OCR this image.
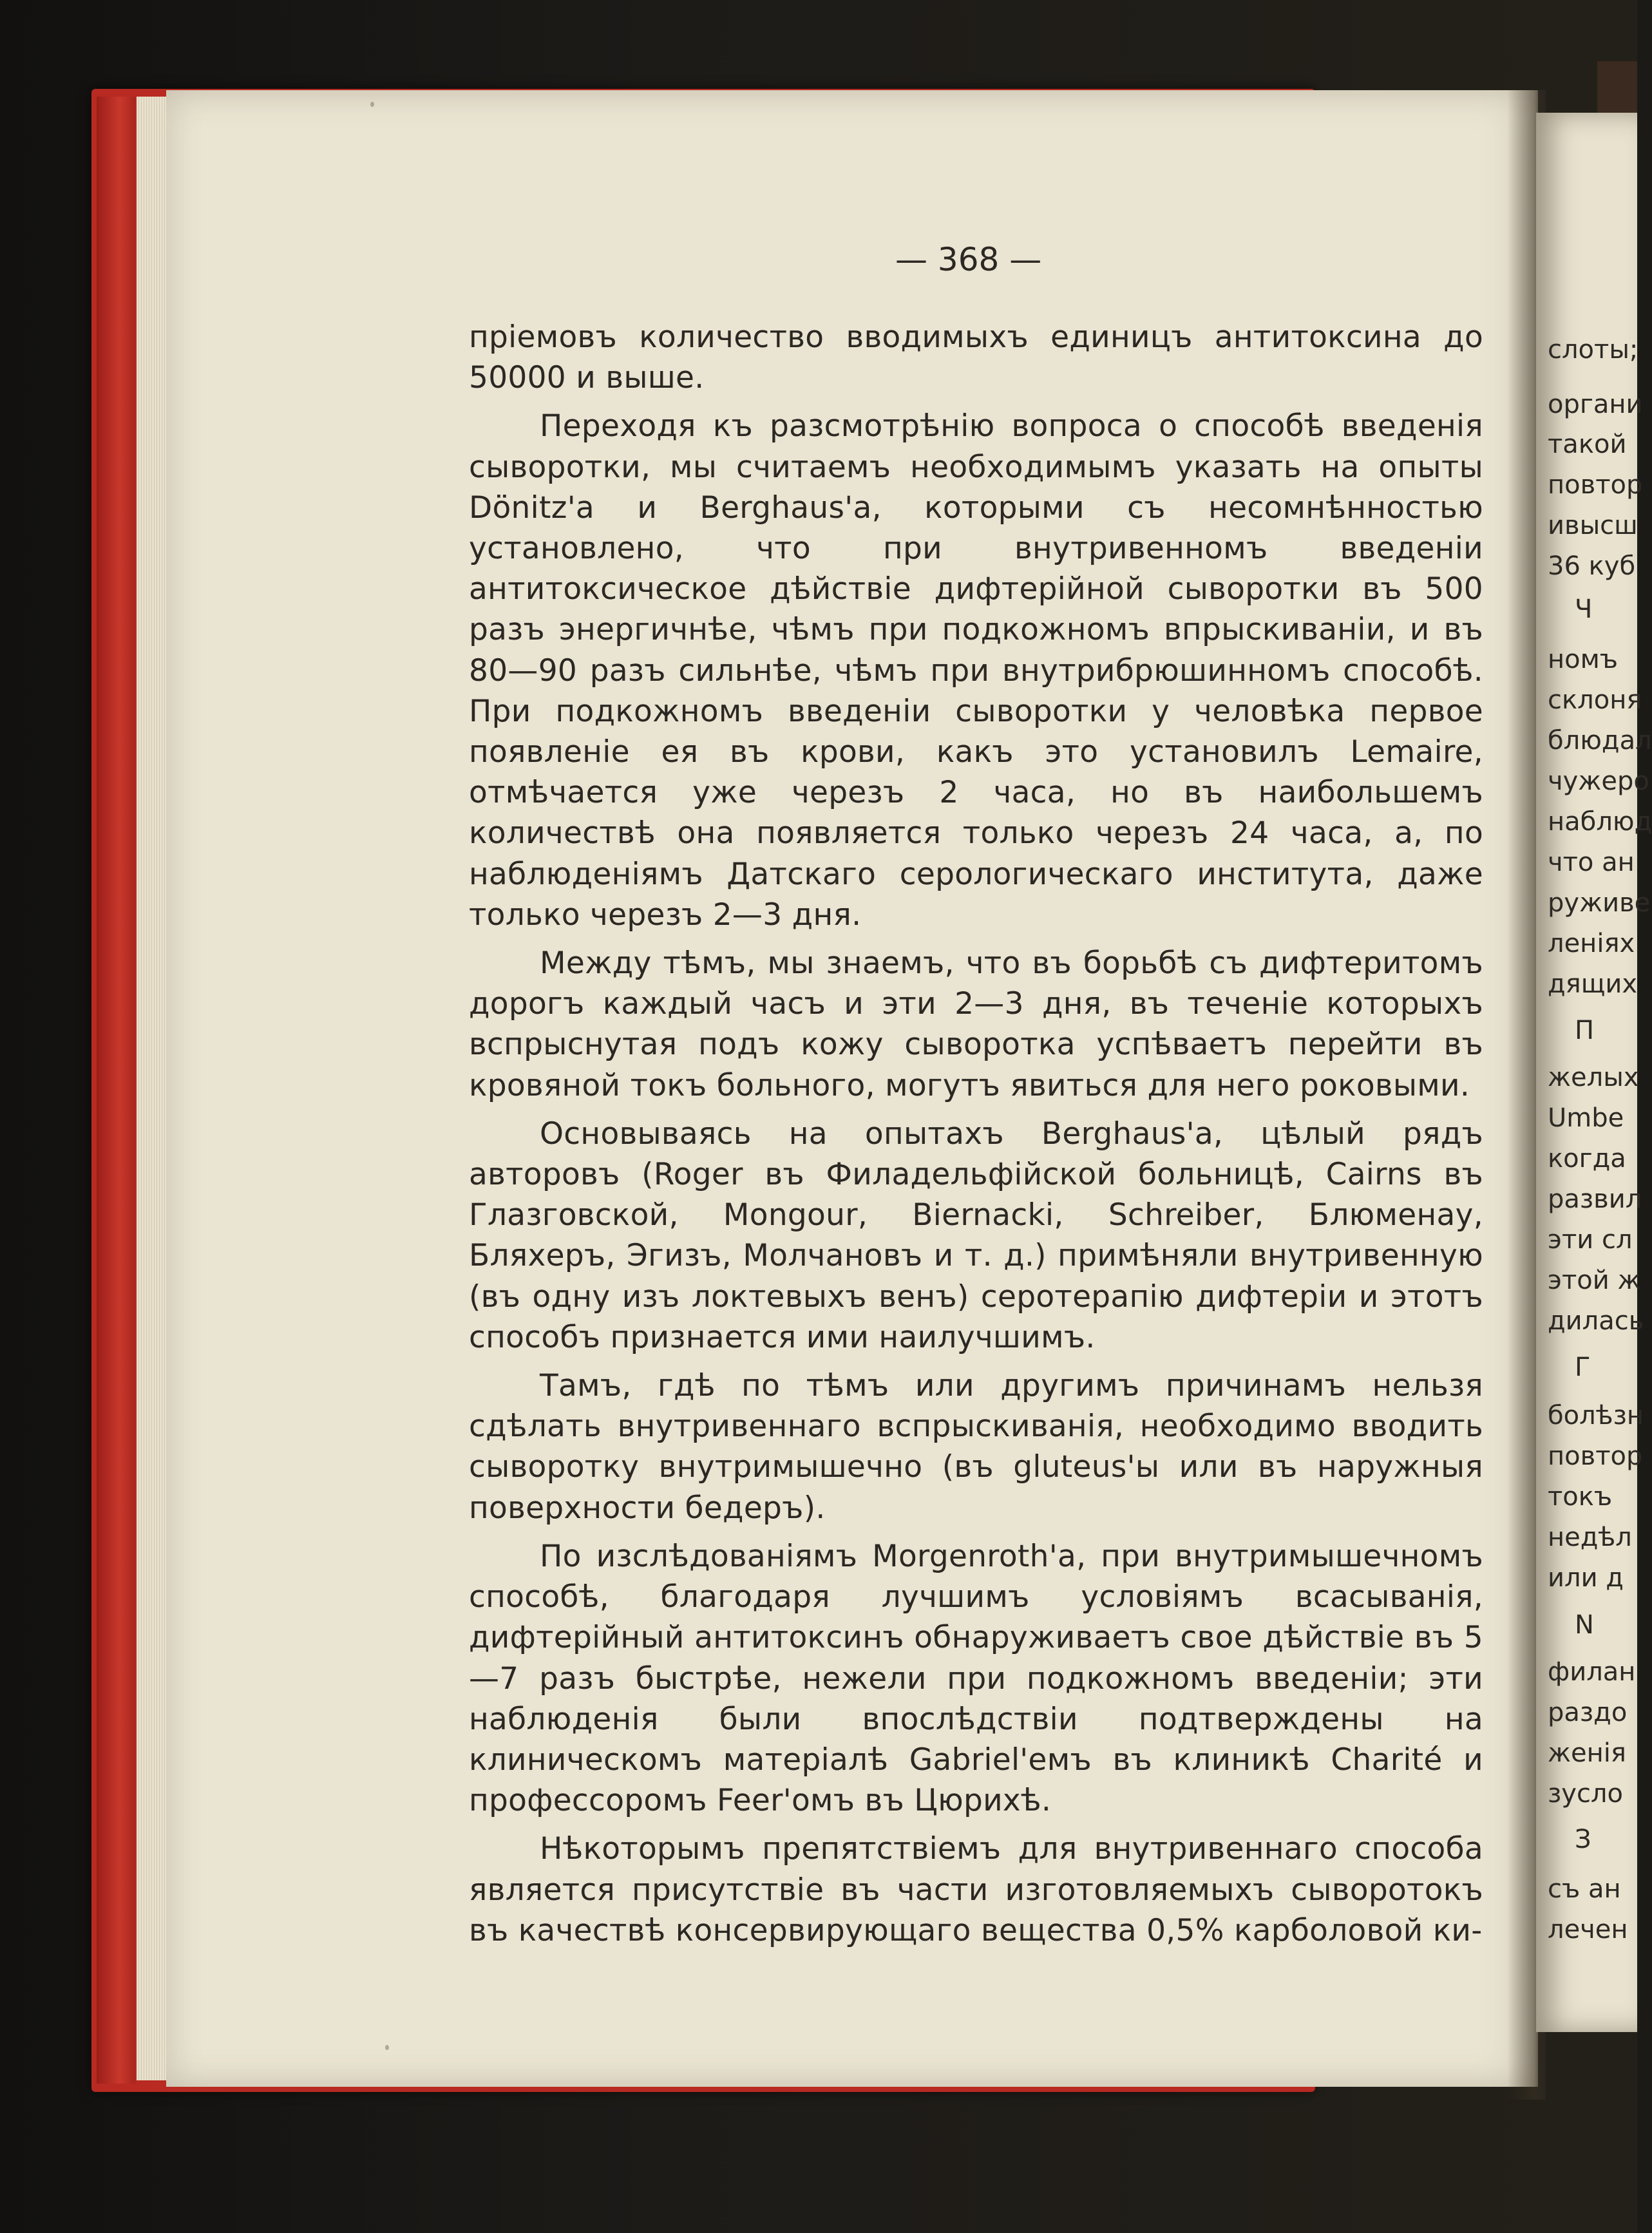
— 368 —

пріемовъ количество вводимыхъ единицъ антитоксина до 50000 и выше.

Переходя къ разсмотрѣнію вопроса о способѣ введенія сыворотки, мы считаемъ необходимымъ указать на опыты Dönitz'a и Berghaus'a, которыми съ несомнѣнностью установлено, что при внутривенномъ введеніи антитоксическое дѣйствіе дифтерійной сыворотки въ 500 разъ энергичнѣе, чѣмъ при подкожномъ впрыскиваніи, и въ 80—90 разъ сильнѣе, чѣмъ при внутрибрюшинномъ способѣ. При подкожномъ введеніи сыворотки у человѣка первое появленіе ея въ крови, какъ это установилъ Lemaire, отмѣчается уже черезъ 2 часа, но въ наибольшемъ количествѣ она появляется только черезъ 24 часа, а, по наблюденіямъ Датскаго серологическаго института, даже только черезъ 2—3 дня.

Между тѣмъ, мы знаемъ, что въ борьбѣ съ дифтеритомъ дорогъ каждый часъ и эти 2—3 дня, въ теченіе которыхъ вспрыснутая подъ кожу сыворотка успѣваетъ перейти въ кровяной токъ больного, могутъ явиться для него роковыми.

Основываясь на опытахъ Berghaus'a, цѣлый рядъ авторовъ (Roger въ Филадельфійской больницѣ, Cairns въ Глазговской, Mongour, Biernacki, Schreiber, Блюменау, Бляхеръ, Эгизъ, Молчановъ и т. д.) примѣняли внутривенную (въ одну изъ локтевыхъ венъ) серотерапію дифтеріи и этотъ способъ признается ими наилучшимъ.

Тамъ, гдѣ по тѣмъ или другимъ причинамъ нельзя сдѣлать внутривеннаго вспрыскиванія, необходимо вводить сыворотку внутримышечно (въ gluteus'ы или въ наружныя поверхности бедеръ).

По изслѣдованіямъ Morgenroth'a, при внутримышечномъ способѣ, благодаря лучшимъ условіямъ всасыванія, дифтерійный антитоксинъ обнаруживаетъ свое дѣйствіе въ 5—7 разъ быстрѣе, нежели при подкожномъ введеніи; эти наблюденія были впослѣдствіи подтверждены на клиническомъ матеріалѣ Gabriel'емъ въ клиникѣ Charité и профессоромъ Feer'омъ въ Цюрихѣ.

Нѣкоторымъ препятствіемъ для внутривеннаго способа является присутствіе въ части изготовляемыхъ сыворотокъ въ качествѣ консервирующаго вещества 0,5% карболовой ки-

слоты;
органи
такой
повтор
ивысш
36 куб
Ч
номъ
склоня
блюдал
чужеро
наблюд
что ан
руживе
леніях
дящих
П
желых
Umbe
когда
развил
эти сл
этой ж
дилась
Г
болѣзн
повтор
токъ
недѣл
или д
N
филан
раздо
женія
зусло
З
съ ан
лечен
